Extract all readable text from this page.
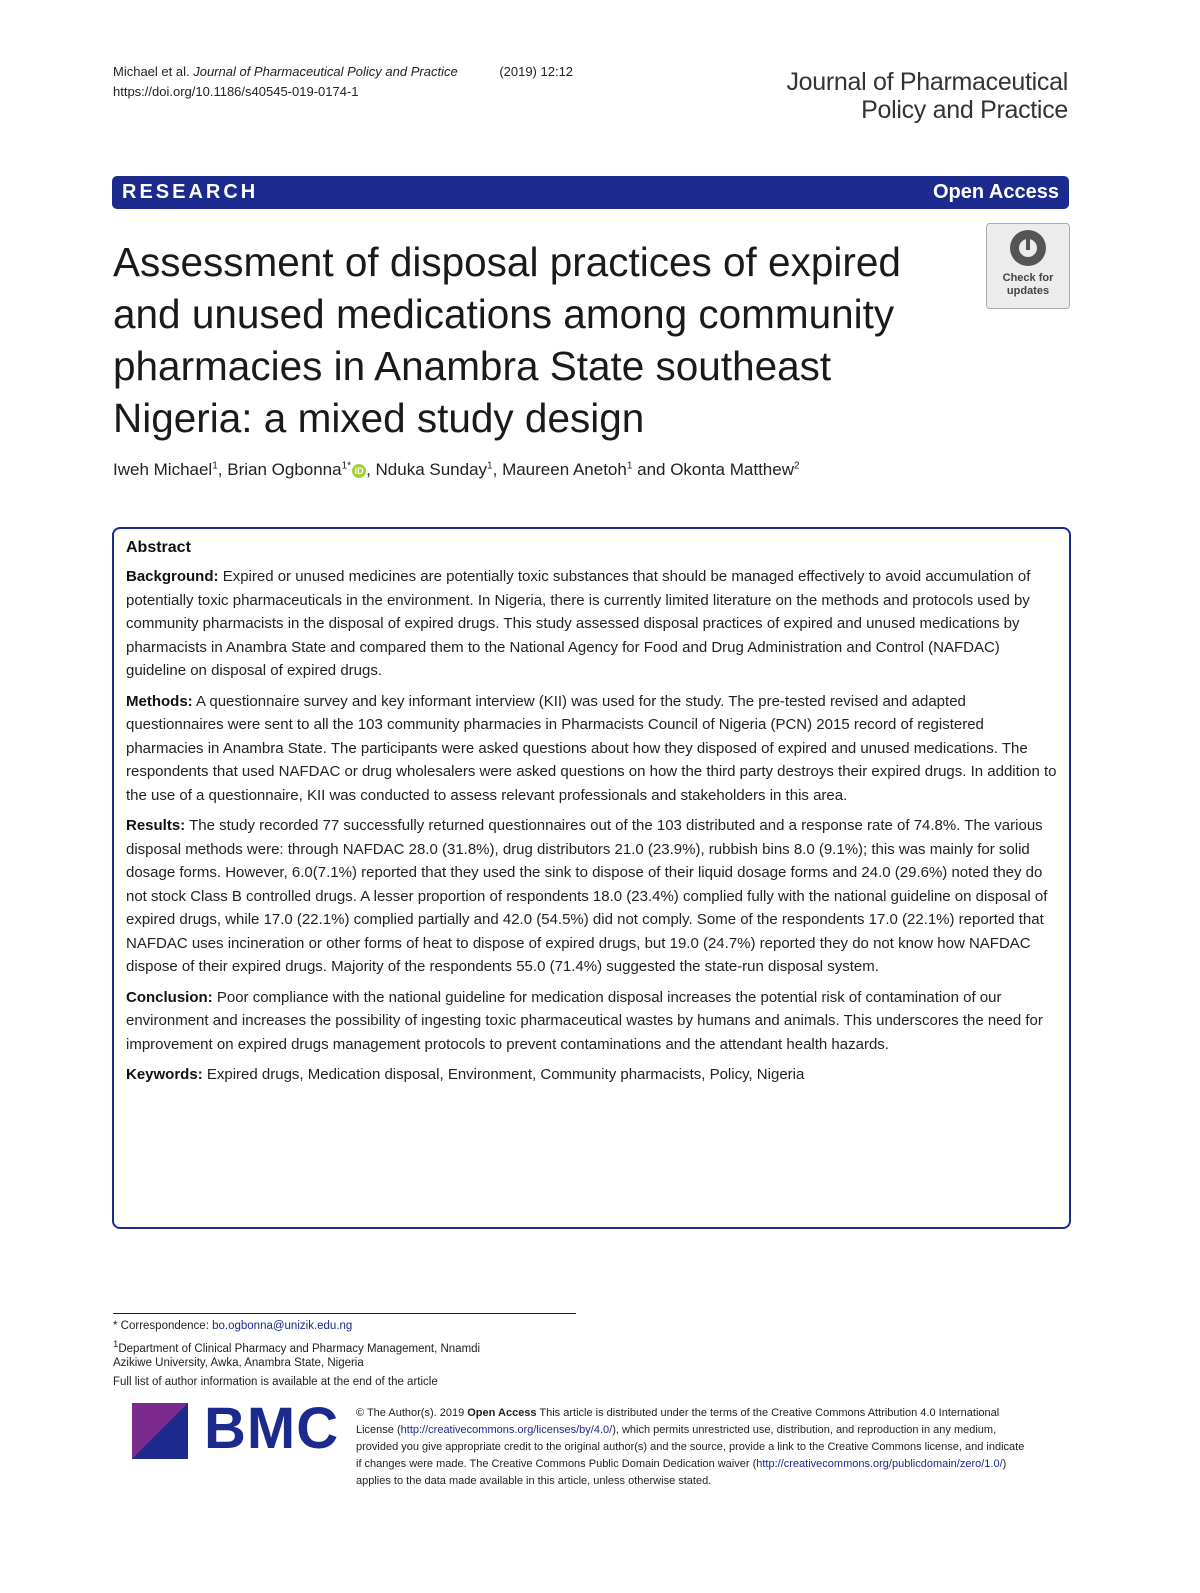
Michael et al. Journal of Pharmaceutical Policy and Practice	(2019) 12:12
https://doi.org/10.1186/s40545-019-0174-1	Journal of Pharmaceutical
Policy and Practice
RESEARCH	Open Access
Assessment of disposal practices of expired and unused medications among community pharmacies in Anambra State southeast Nigeria: a mixed study design
Check for
updates
Iweh Michael$^1$, Brian Ogbonna$^{1*}$ iD , Nduka Sunday$^1$, Maureen Anetoh$^1$ and Okonta Matthew$^2$
Abstract

Background: Expired or unused medicines are potentially toxic substances that should be managed effectively to avoid accumulation of potentially toxic pharmaceuticals in the environment. In Nigeria, there is currently limited literature on the methods and protocols used by community pharmacists in the disposal of expired drugs. This study assessed disposal practices of expired and unused medications by pharmacists in Anambra State and compared them to the National Agency for Food and Drug Administration and Control (NAFDAC) guideline on disposal of expired drugs.

Methods: A questionnaire survey and key informant interview (KII) was used for the study. The pre-tested revised and adapted questionnaires were sent to all the 103 community pharmacies in Pharmacists Council of Nigeria (PCN) 2015 record of registered pharmacies in Anambra State. The participants were asked questions about how they disposed of expired and unused medications. The respondents that used NAFDAC or drug wholesalers were asked questions on how the third party destroys their expired drugs. In addition to the use of a questionnaire, KII was conducted to assess relevant professionals and stakeholders in this area.

Results: The study recorded 77 successfully returned questionnaires out of the 103 distributed and a response rate of 74.8%. The various disposal methods were: through NAFDAC 28.0 (31.8%), drug distributors 21.0 (23.9%), rubbish bins 8.0 (9.1%); this was mainly for solid dosage forms. However, 6.0(7.1%) reported that they used the sink to dispose of their liquid dosage forms and 24.0 (29.6%) noted they do not stock Class B controlled drugs. A lesser proportion of respondents 18.0 (23.4%) complied fully with the national guideline on disposal of expired drugs, while 17.0 (22.1%) complied partially and 42.0 (54.5%) did not comply. Some of the respondents 17.0 (22.1%) reported that NAFDAC uses incineration or other forms of heat to dispose of expired drugs, but 19.0 (24.7%) reported they do not know how NAFDAC dispose of their expired drugs. Majority of the respondents 55.0 (71.4%) suggested the state-run disposal system.

Conclusion: Poor compliance with the national guideline for medication disposal increases the potential risk of contamination of our environment and increases the possibility of ingesting toxic pharmaceutical wastes by humans and animals. This underscores the need for improvement on expired drugs management protocols to prevent contaminations and the attendant health hazards.

Keywords: Expired drugs, Medication disposal, Environment, Community pharmacists, Policy, Nigeria

* Correspondence: bo.ogbonna@unizik.edu.ng
$^1$Department of Clinical Pharmacy and Pharmacy Management, Nnamdi
Azikiwe University, Awka, Anambra State, Nigeria
Full list of author information is available at the end of the article
BMC © The Author(s). 2019 Open Access This article is distributed under the terms of the Creative Commons Attribution 4.0 International License (http://creativecommons.org/licenses/by/4.0/), which permits unrestricted use, distribution, and reproduction in any medium, provided you give appropriate credit to the original author(s) and the source, provide a link to the Creative Commons license, and indicate if changes were made. The Creative Commons Public Domain Dedication waiver (http://creativecommons.org/publicdomain/zero/1.0/) applies to the data made available in this article, unless otherwise stated.
